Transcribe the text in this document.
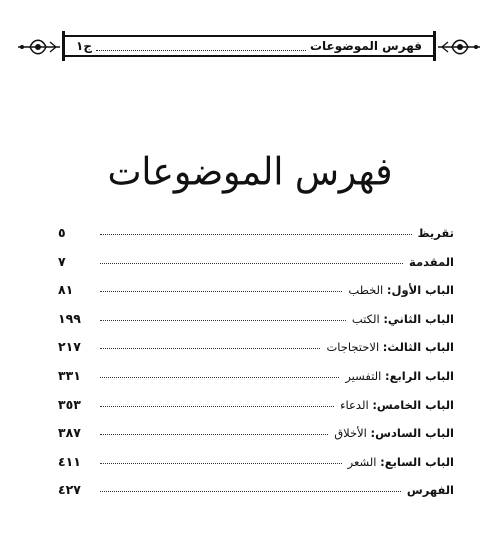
فهرس الموضوعات
ج١
فهرس الموضوعات
تقريظ
٥
المقدمة
٧
الباب الأول: الخطب
٨١
الباب الثاني: الكتب
١٩٩
الباب الثالث: الاحتجاجات
٢١٧
الباب الرابع: التفسير
٣٣١
الباب الخامس: الدعاء
٣٥٣
الباب السادس: الأخلاق
٣٨٧
الباب السابع: الشعر
٤١١
الفهرس
٤٢٧
